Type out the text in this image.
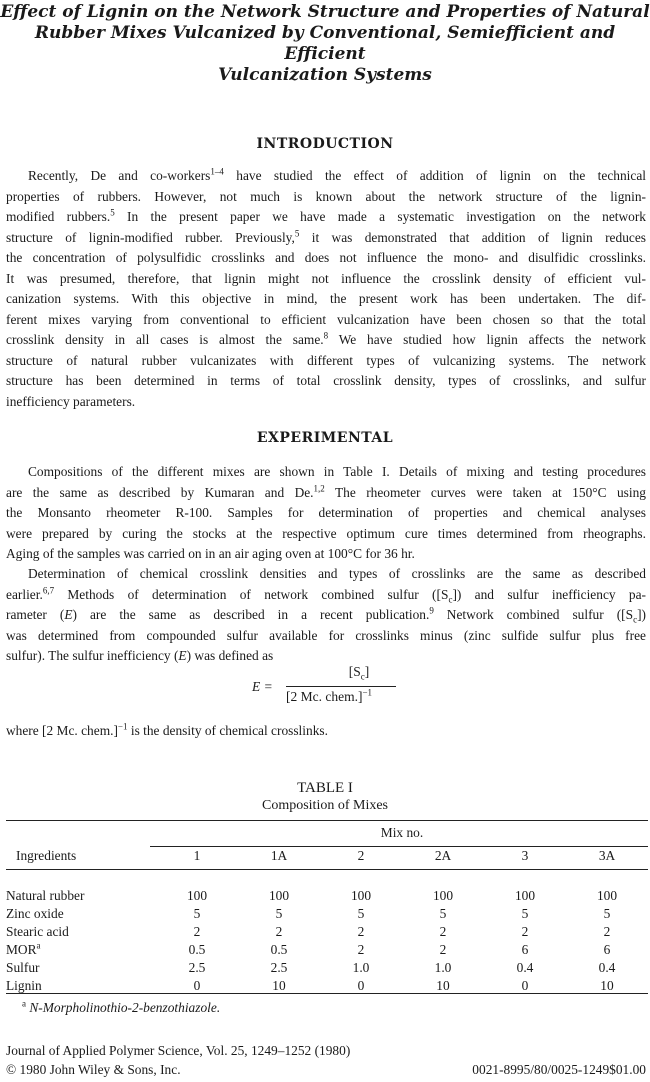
Effect of Lignin on the Network Structure and Properties of Natural
Rubber Mixes Vulcanized by Conventional, Semiefficient and Efficient
Vulcanization Systems
INTRODUCTION
Recently, De and co-workers$^{1-4}$ have studied the effect of addition of lignin on the technical
properties of rubbers. However, not much is known about the network structure of the lignin-
modified rubbers.$^5$ In the present paper we have made a systematic investigation on the network
structure of lignin-modified rubber. Previously,$^5$ it was demonstrated that addition of lignin reduces
the concentration of polysulfidic crosslinks and does not influence the mono- and disulfidic crosslinks.
It was presumed, therefore, that lignin might not influence the crosslink density of efficient vul-
canization systems. With this objective in mind, the present work has been undertaken. The dif-
ferent mixes varying from conventional to efficient vulcanization have been chosen so that the total
crosslink density in all cases is almost the same.$^8$ We have studied how lignin affects the network
structure of natural rubber vulcanizates with different types of vulcanizing systems. The network
structure has been determined in terms of total crosslink density, types of crosslinks, and sulfur
inefficiency parameters.
EXPERIMENTAL
Compositions of the different mixes are shown in Table I. Details of mixing and testing procedures
are the same as described by Kumaran and De.$^{1,2}$ The rheometer curves were taken at 150°C using
the Monsanto rheometer R-100. Samples for determination of properties and chemical analyses
were prepared by curing the stocks at the respective optimum cure times determined from rheographs.
Aging of the samples was carried on in an air aging oven at 100°C for 36 hr.
Determination of chemical crosslink densities and types of crosslinks are the same as described
earlier.$^{6,7}$ Methods of determination of network combined sulfur $([S_c])$ and sulfur inefficiency pa-
rameter (E) are the same as described in a recent publication.$^9$ Network combined sulfur $([S_c])$
was determined from compounded sulfur available for crosslinks minus (zinc sulfide sulfur plus free
sulfur). The sulfur inefficiency (E) was defined as
E =
$[S_c]$
[2 Mc. chem.]$^{-1}$
where [2 Mc. chem.]$^{-1}$ is the density of chemical crosslinks.
TABLE I
Composition of Mixes
	Mix no.					
Ingredients	1	1A	2	2A	3	3A

Natural rubber	100	100	100	100	100	100
Zinc oxide	5	5	5	5	5	5
Stearic acid	2	2	2	2	2	2
MOR$^a$	0.5	0.5	2	2	6	6
Sulfur	2.5	2.5	1.0	1.0	0.4	0.4
Lignin	0	10	0	10	0	10
$^a$ N-Morpholinothio-2-benzothiazole.
Journal of Applied Polymer Science, Vol. 25, 1249–1252 (1980)
© 1980 John Wiley & Sons, Inc.	0021-8995/80/0025-1249$01.00
